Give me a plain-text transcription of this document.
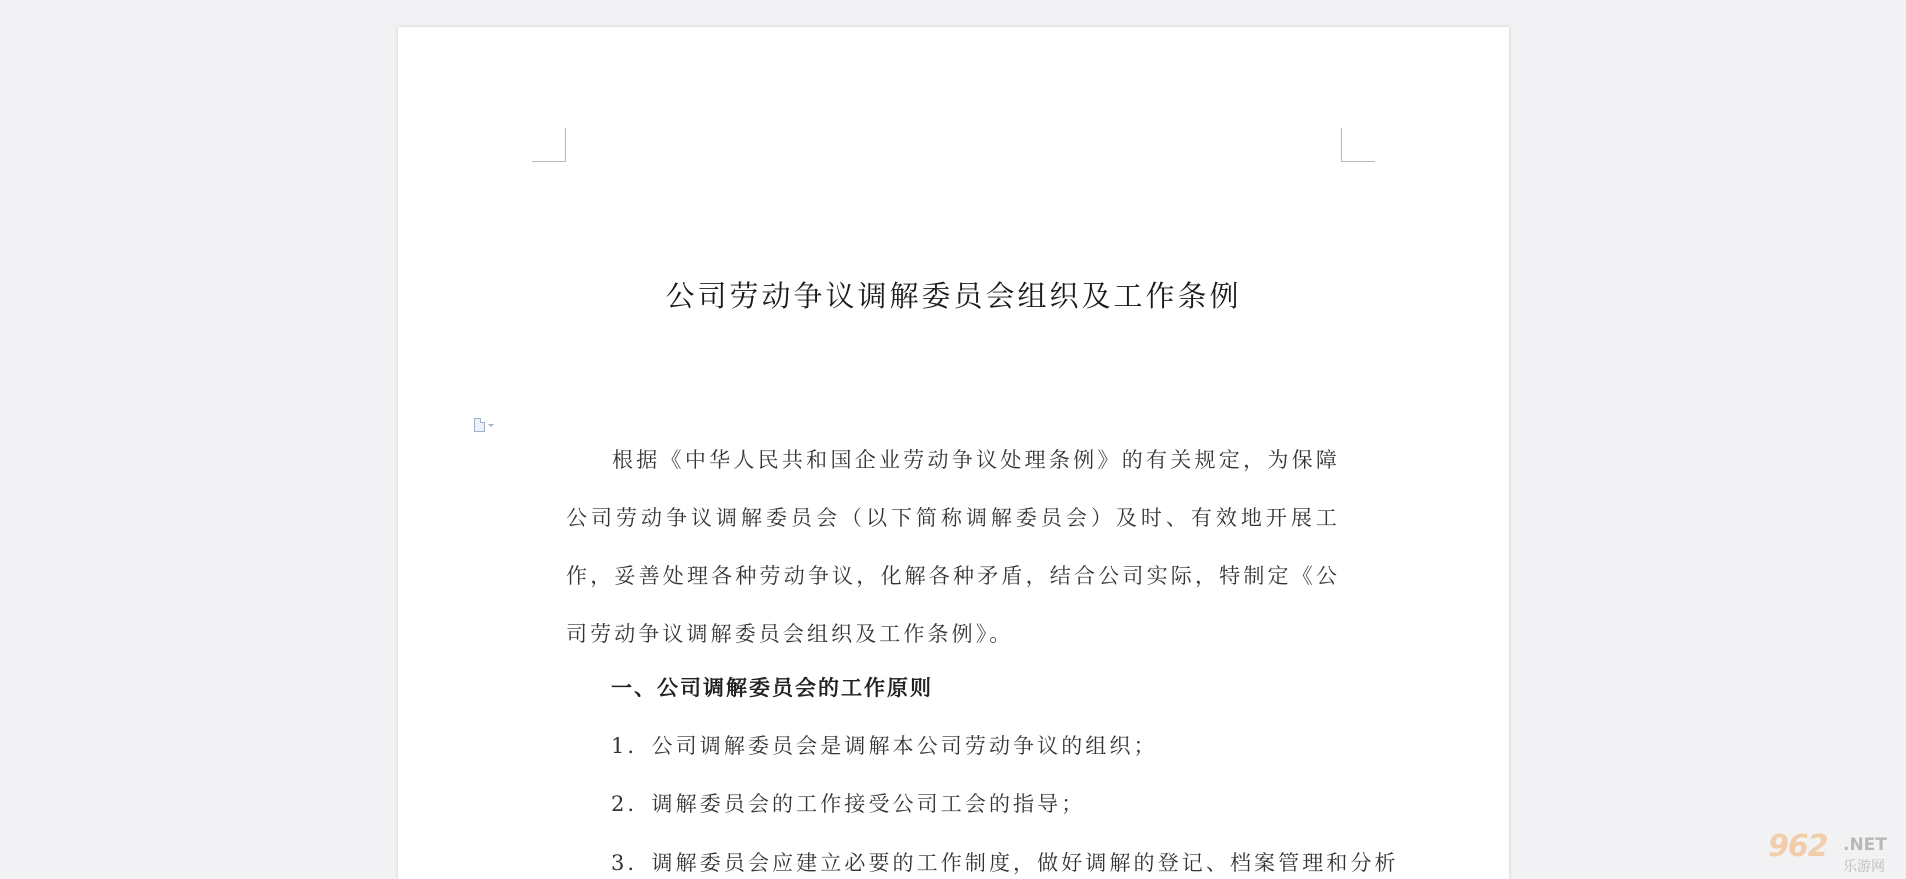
公司劳动争议调解委员会组织及工作条例

根据《中华人民共和国企业劳动争议处理条例》的有关规定，为保障公司劳动争议调解委员会（以下简称调解委员会）及时、有效地开展工作，妥善处理各种劳动争议，化解各种矛盾，结合公司实际，特制定《公司劳动争议调解委员会组织及工作条例》。

一、公司调解委员会的工作原则

1．公司调解委员会是调解本公司劳动争议的组织；

2．调解委员会的工作接受公司工会的指导；

3．调解委员会应建立必要的工作制度，做好调解的登记、档案管理和分析	962 .NET
乐游网
